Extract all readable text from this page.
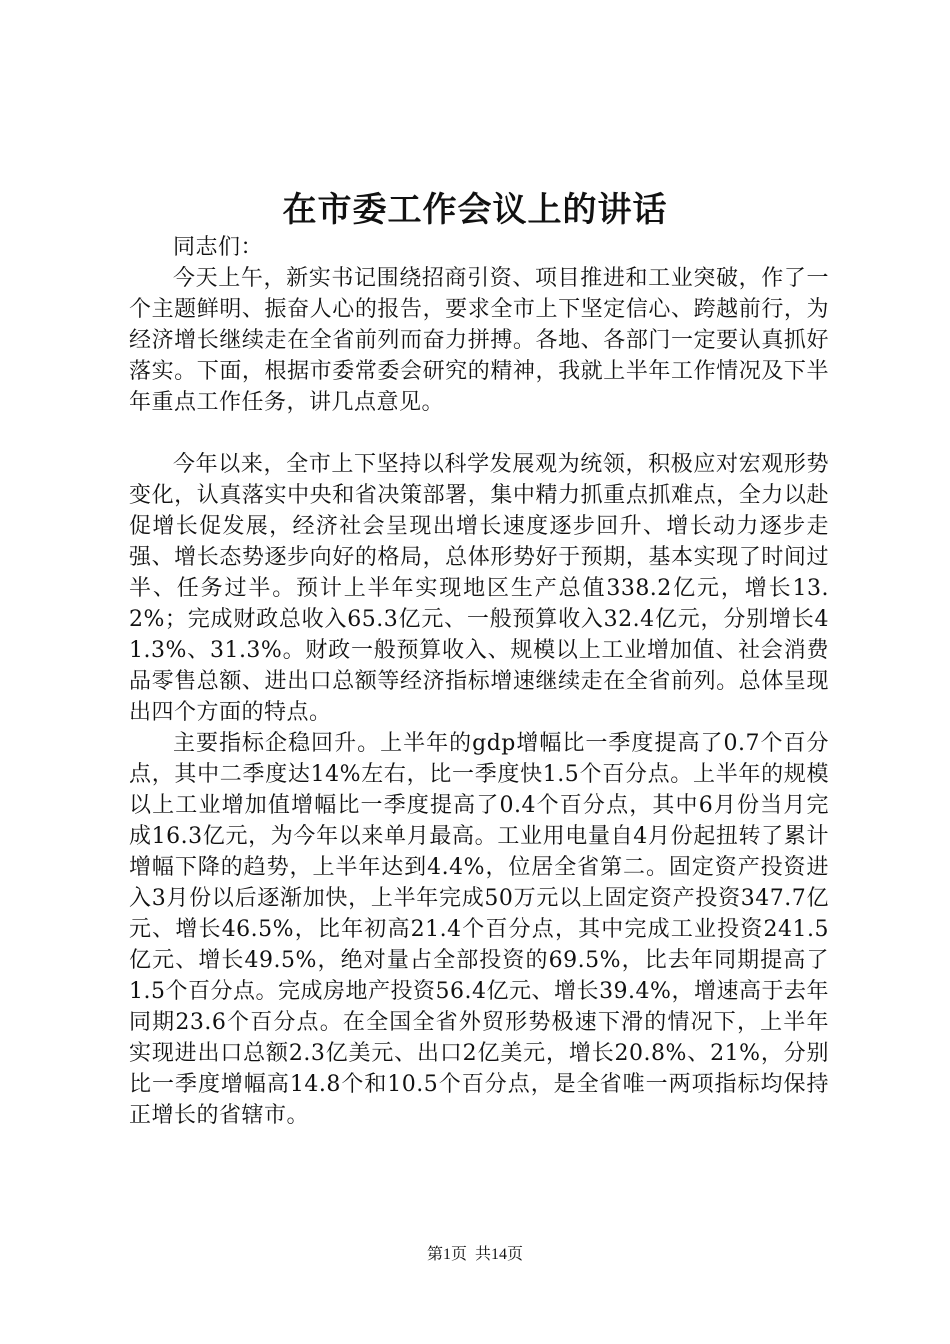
在市委工作会议上的讲话

同志们：

今天上午，新实书记围绕招商引资、项目推进和工业突破，作了一个主题鲜明、振奋人心的报告，要求全市上下坚定信心、跨越前行，为经济增长继续走在全省前列而奋力拼搏。各地、各部门一定要认真抓好落实。下面，根据市委常委会研究的精神，我就上半年工作情况及下半年重点工作任务，讲几点意见。

今年以来，全市上下坚持以科学发展观为统领，积极应对宏观形势变化，认真落实中央和省决策部署，集中精力抓重点抓难点，全力以赴促增长促发展，经济社会呈现出增长速度逐步回升、增长动力逐步走强、增长态势逐步向好的格局，总体形势好于预期，基本实现了时间过半、任务过半。预计上半年实现地区生产总值338.2亿元，增长13.2%；完成财政总收入65.3亿元、一般预算收入32.4亿元，分别增长41.3%、31.3%。财政一般预算收入、规模以上工业增加值、社会消费品零售总额、进出口总额等经济指标增速继续走在全省前列。总体呈现出四个方面的特点。

主要指标企稳回升。上半年的gdp增幅比一季度提高了0.7个百分点，其中二季度达14%左右，比一季度快1.5个百分点。上半年的规模以上工业增加值增幅比一季度提高了0.4个百分点，其中6月份当月完成16.3亿元，为今年以来单月最高。工业用电量自4月份起扭转了累计增幅下降的趋势，上半年达到4.4%，位居全省第二。固定资产投资进入3月份以后逐渐加快，上半年完成50万元以上固定资产投资347.7亿元、增长46.5%，比年初高21.4个百分点，其中完成工业投资241.5亿元、增长49.5%，绝对量占全部投资的69.5%，比去年同期提高了1.5个百分点。完成房地产投资56.4亿元、增长39.4%，增速高于去年同期23.6个百分点。在全国全省外贸形势极速下滑的情况下，上半年实现进出口总额2.3亿美元、出口2亿美元，增长20.8%、21%，分别比一季度增幅高14.8个和10.5个百分点，是全省唯一两项指标均保持正增长的省辖市。

第1页 共14页
